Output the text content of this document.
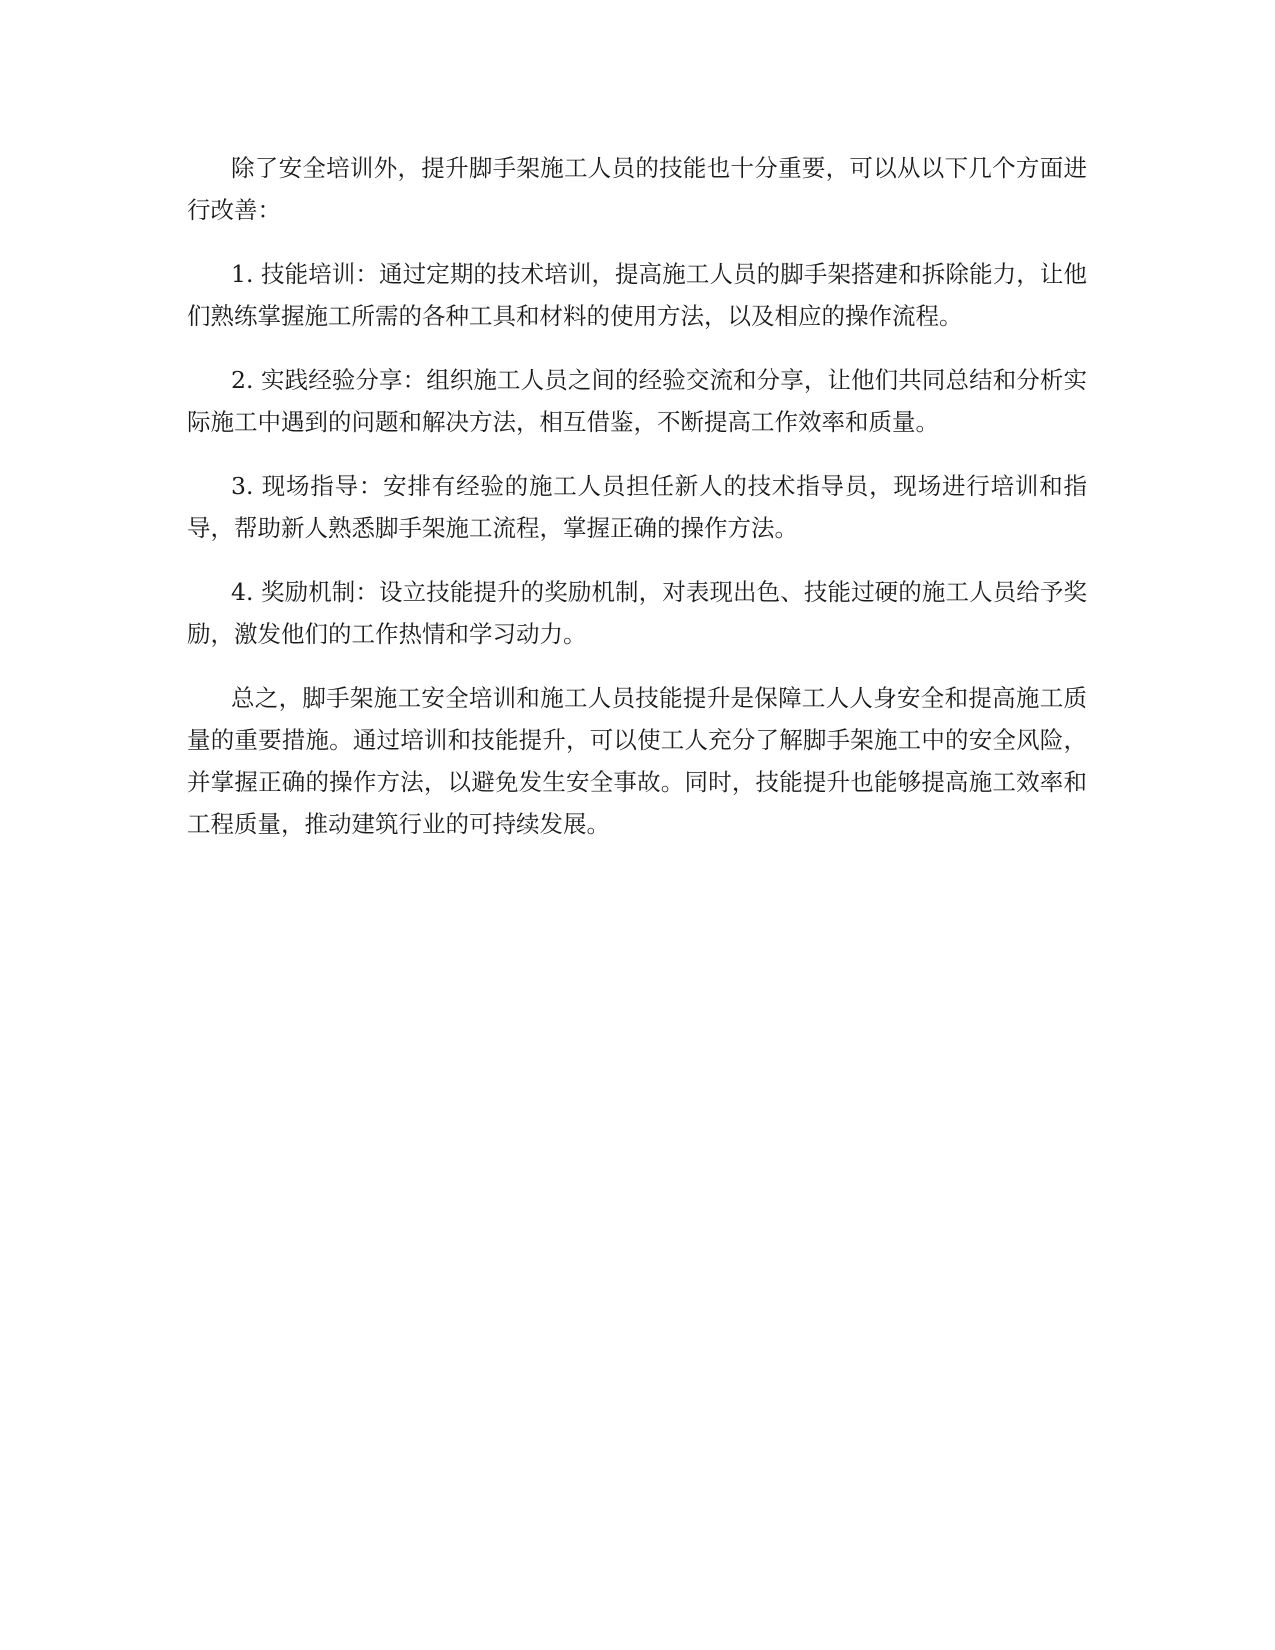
除了安全培训外，提升脚手架施工人员的技能也十分重要，可以从以下几个方面进行改善：

1. 技能培训：通过定期的技术培训，提高施工人员的脚手架搭建和拆除能力，让他们熟练掌握施工所需的各种工具和材料的使用方法，以及相应的操作流程。

2. 实践经验分享：组织施工人员之间的经验交流和分享，让他们共同总结和分析实际施工中遇到的问题和解决方法，相互借鉴，不断提高工作效率和质量。

3. 现场指导：安排有经验的施工人员担任新人的技术指导员，现场进行培训和指导，帮助新人熟悉脚手架施工流程，掌握正确的操作方法。

4. 奖励机制：设立技能提升的奖励机制，对表现出色、技能过硬的施工人员给予奖励，激发他们的工作热情和学习动力。

总之，脚手架施工安全培训和施工人员技能提升是保障工人人身安全和提高施工质量的重要措施。通过培训和技能提升，可以使工人充分了解脚手架施工中的安全风险，并掌握正确的操作方法，以避免发生安全事故。同时，技能提升也能够提高施工效率和工程质量，推动建筑行业的可持续发展。
